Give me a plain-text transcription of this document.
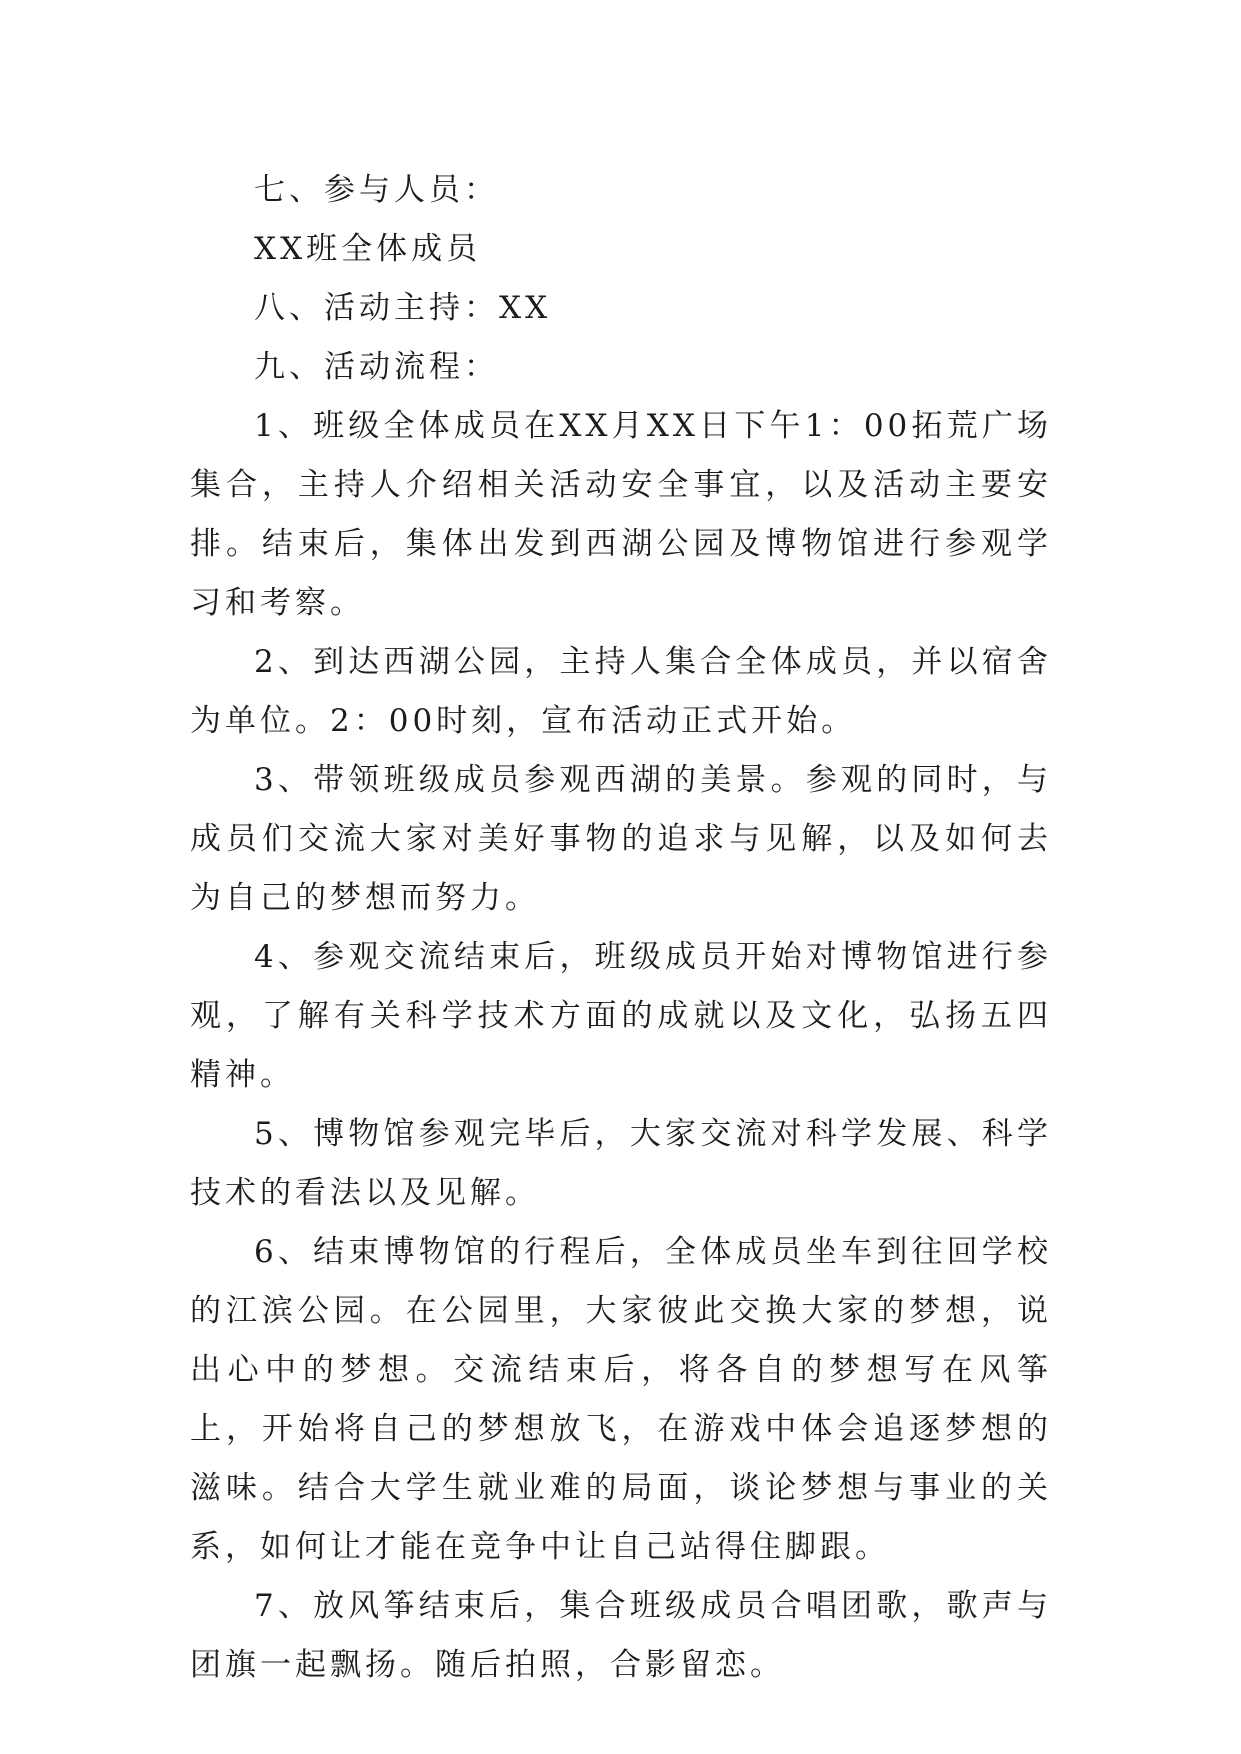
七、参与人员：

XX班全体成员

八、活动主持：XX

九、活动流程：

1、班级全体成员在XX月XX日下午1：00拓荒广场集合，主持人介绍相关活动安全事宜，以及活动主要安排。结束后，集体出发到西湖公园及博物馆进行参观学习和考察。

2、到达西湖公园，主持人集合全体成员，并以宿舍为单位。2：00时刻，宣布活动正式开始。

3、带领班级成员参观西湖的美景。参观的同时，与成员们交流大家对美好事物的追求与见解，以及如何去为自己的梦想而努力。

4、参观交流结束后，班级成员开始对博物馆进行参观，了解有关科学技术方面的成就以及文化，弘扬五四精神。

5、博物馆参观完毕后，大家交流对科学发展、科学技术的看法以及见解。

6、结束博物馆的行程后，全体成员坐车到往回学校的江滨公园。在公园里，大家彼此交换大家的梦想，说出心中的梦想。交流结束后，将各自的梦想写在风筝上，开始将自己的梦想放飞，在游戏中体会追逐梦想的滋味。结合大学生就业难的局面，谈论梦想与事业的关系，如何让才能在竞争中让自己站得住脚跟。

7、放风筝结束后，集合班级成员合唱团歌，歌声与团旗一起飘扬。随后拍照，合影留恋。
